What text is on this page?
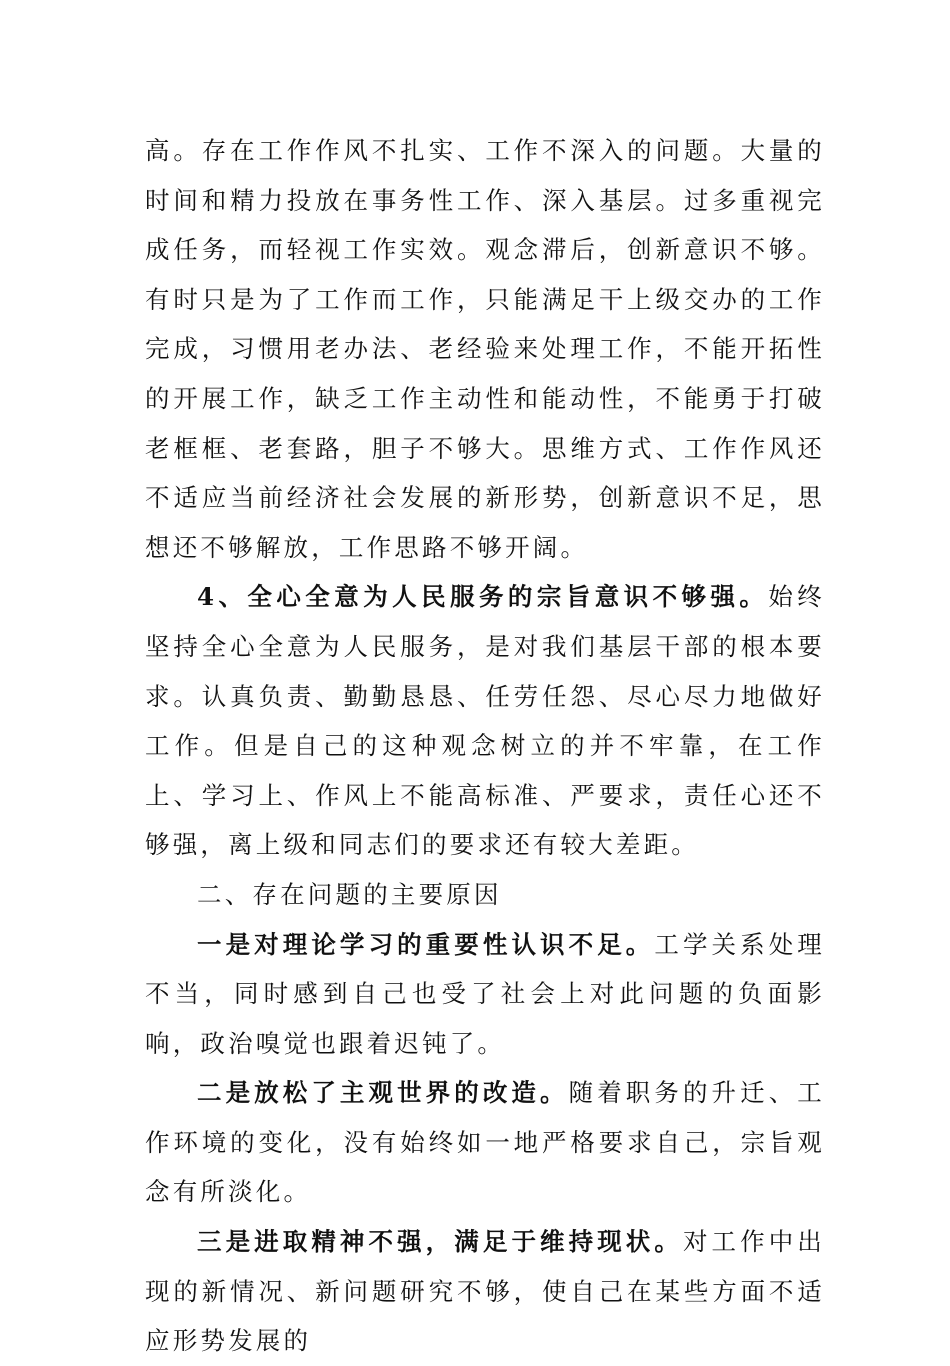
高。存在工作作风不扎实、工作不深入的问题。大量的时间和精力投放在事务性工作、深入基层。过多重视完成任务，而轻视工作实效。观念滞后，创新意识不够。有时只是为了工作而工作，只能满足干上级交办的工作完成，习惯用老办法、老经验来处理工作，不能开拓性的开展工作，缺乏工作主动性和能动性，不能勇于打破老框框、老套路，胆子不够大。思维方式、工作作风还不适应当前经济社会发展的新形势，创新意识不足，思想还不够解放，工作思路不够开阔。

4、全心全意为人民服务的宗旨意识不够强。始终坚持全心全意为人民服务，是对我们基层干部的根本要求。认真负责、勤勤恳恳、任劳任怨、尽心尽力地做好工作。但是自己的这种观念树立的并不牢靠，在工作上、学习上、作风上不能高标准、严要求，责任心还不够强，离上级和同志们的要求还有较大差距。

二、存在问题的主要原因

一是对理论学习的重要性认识不足。工学关系处理不当，同时感到自己也受了社会上对此问题的负面影响，政治嗅觉也跟着迟钝了。

二是放松了主观世界的改造。随着职务的升迁、工作环境的变化，没有始终如一地严格要求自己，宗旨观念有所淡化。

三是进取精神不强，满足于维持现状。对工作中出现的新情况、新问题研究不够，使自己在某些方面不适应形势发展的
